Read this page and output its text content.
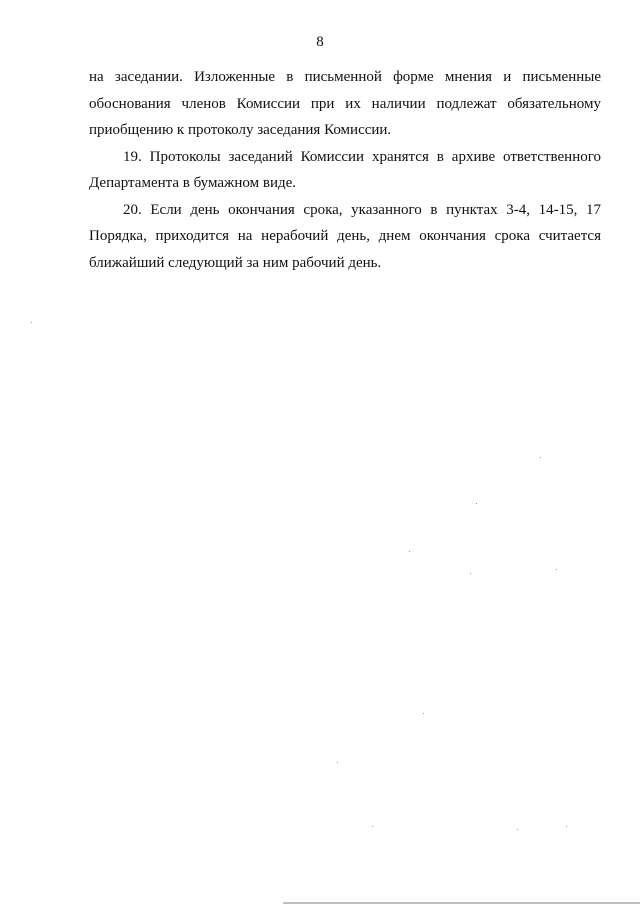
8

на заседании. Изложенные в письменной форме мнения и письменные обоснования членов Комиссии при их наличии подлежат обязательному приобщению к протоколу заседания Комиссии.

19. Протоколы заседаний Комиссии хранятся в архиве ответственного Департамента в бумажном виде.

20. Если день окончания срока, указанного в пунктах 3-4, 14-15, 17 Порядка, приходится на нерабочий день, днем окончания срока считается ближайший следующий за ним рабочий день.
